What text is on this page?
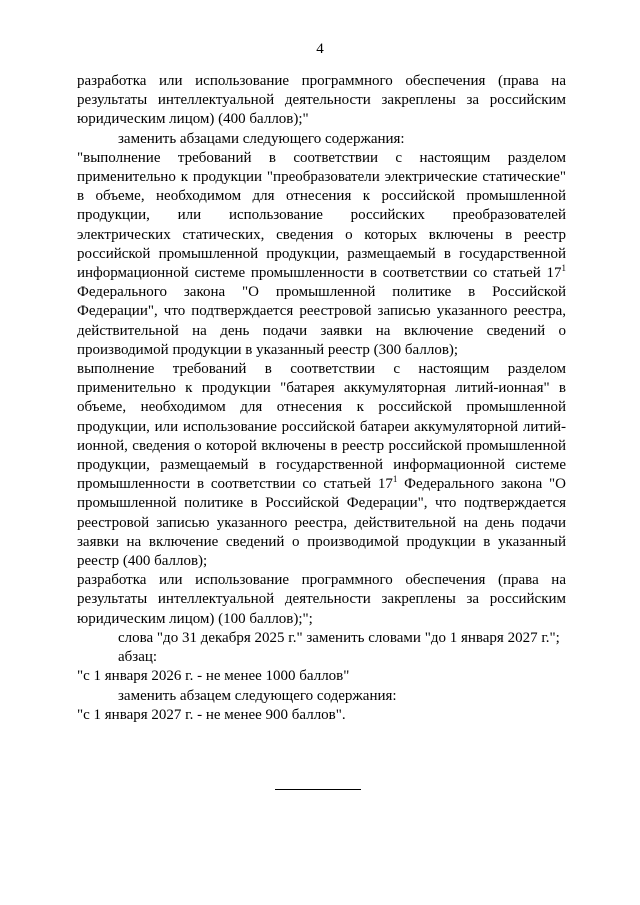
4

разработка или использование программного обеспечения (права на результаты интеллектуальной деятельности закреплены за российским юридическим лицом) (400 баллов);"

заменить абзацами следующего содержания:

"выполнение требований в соответствии с настоящим разделом применительно к продукции "преобразователи электрические статические" в объеме, необходимом для отнесения к российской промышленной продукции, или использование российских преобразователей электрических статических, сведения о которых включены в реестр российской промышленной продукции, размещаемый в государственной информационной системе промышленности в соответствии со статьей $17^1$ Федерального закона "О промышленной политике в Российской Федерации", что подтверждается реестровой записью указанного реестра, действительной на день подачи заявки на включение сведений о производимой продукции в указанный реестр (300 баллов);

выполнение требований в соответствии с настоящим разделом применительно к продукции "батарея аккумуляторная литий-ионная" в объеме, необходимом для отнесения к российской промышленной продукции, или использование российской батареи аккумуляторной литий-ионной, сведения о которой включены в реестр российской промышленной продукции, размещаемый в государственной информационной системе промышленности в соответствии со статьей $17^1$ Федерального закона "О промышленной политике в Российской Федерации", что подтверждается реестровой записью указанного реестра, действительной на день подачи заявки на включение сведений о производимой продукции в указанный реестр (400 баллов);

разработка или использование программного обеспечения (права на результаты интеллектуальной деятельности закреплены за российским юридическим лицом) (100 баллов);";

слова "до 31 декабря 2025 г." заменить словами "до 1 января 2027 г.";

абзац:

"с 1 января 2026 г. - не менее 1000 баллов"

заменить абзацем следующего содержания:

"с 1 января 2027 г. - не менее 900 баллов".
